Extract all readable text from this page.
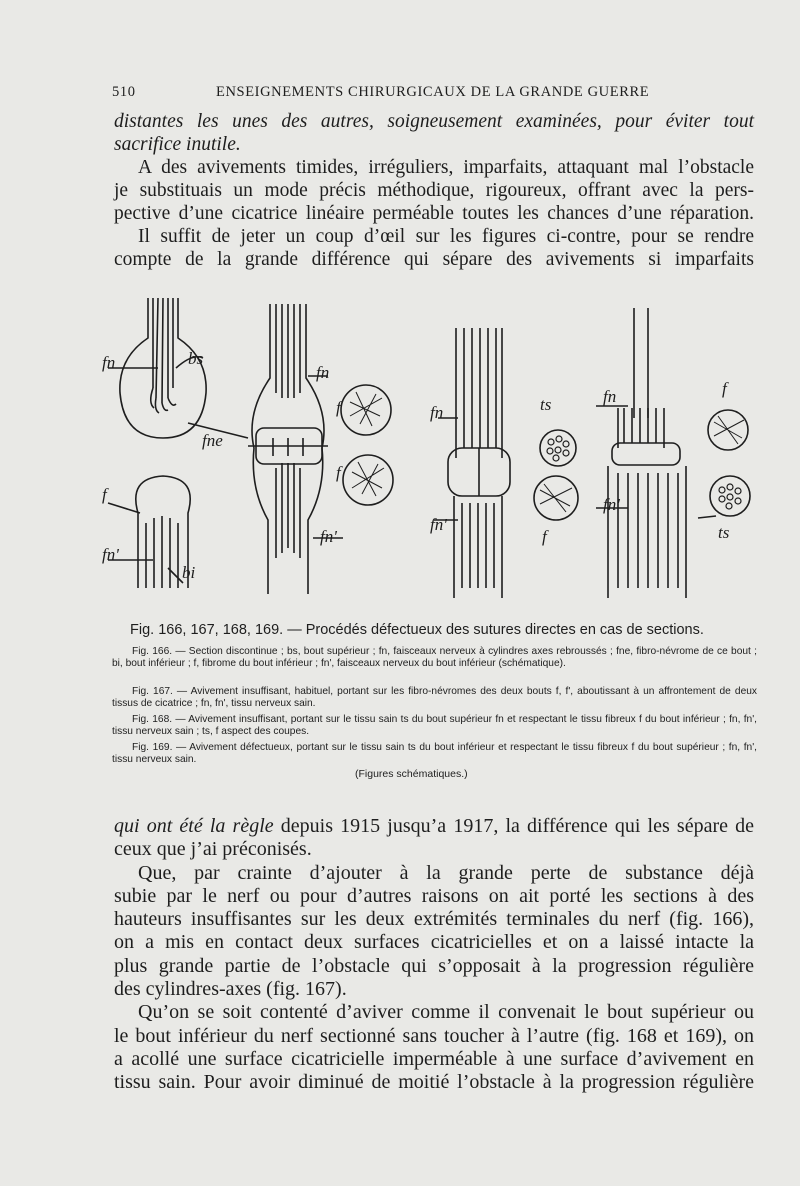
510	ENSEIGNEMENTS CHIRURGICAUX DE LA GRANDE GUERRE

distantes les unes des autres, soigneusement examinées, pour éviter tout
sacrifice inutile.
A des avivements timides, irréguliers, imparfaits, attaquant mal l’obstacle
je substituais un mode précis méthodique, rigoureux, offrant avec la pers-
pective d’une cicatrice linéaire perméable toutes les chances d’une réparation.
Il suffit de jeter un coup d’œil sur les figures ci-contre, pour se rendre
compte de la grande différence qui sépare des avivements si imparfaits

fn	bs
fne
f
fn'
bi
fn
f
f
fn'
fn	ts
fn'
f
fn	f
fn'
ts
Fig. 166, 167, 168, 169. — Procédés défectueux des sutures directes en cas de sections.

Fig. 166. — Section discontinue ; bs, bout supérieur ; fn, faisceaux nerveux à cylindres axes rebroussés ; fne, fibro-névrome de ce bout ; bi, bout inférieur ; f, fibrome du bout inférieur ; fn', faisceaux nerveux du bout inférieur (schématique).

Fig. 167. — Avivement insuffisant, habituel, portant sur les fibro-névromes des deux bouts f, f', aboutissant à un affrontement de deux tissus de cicatrice ; fn, fn', tissu nerveux sain.

Fig. 168. — Avivement insuffisant, portant sur le tissu sain ts du bout supérieur fn et respectant le tissu fibreux f du bout inférieur ; fn, fn', tissu nerveux sain ; ts, f aspect des coupes.

Fig. 169. — Avivement défectueux, portant sur le tissu sain ts du bout inférieur et respectant le tissu fibreux f du bout supérieur ; fn, fn', tissu nerveux sain.

(Figures schématiques.)

qui ont été la règle depuis 1915 jusqu’a 1917, la différence qui les sépare de
ceux que j’ai préconisés.
Que, par crainte d’ajouter à la grande perte de substance déjà
subie par le nerf ou pour d’autres raisons on ait porté les sections à des
hauteurs insuffisantes sur les deux extrémités terminales du nerf (fig. 166),
on a mis en contact deux surfaces cicatricielles et on a laissé intacte la
plus grande partie de l’obstacle qui s’opposait à la progression régulière
des cylindres-axes (fig. 167).
Qu’on se soit contenté d’aviver comme il convenait le bout supérieur ou
le bout inférieur du nerf sectionné sans toucher à l’autre (fig. 168 et 169), on
a acollé une surface cicatricielle imperméable à une surface d’avivement en
tissu sain. Pour avoir diminué de moitié l’obstacle à la progression régulière
